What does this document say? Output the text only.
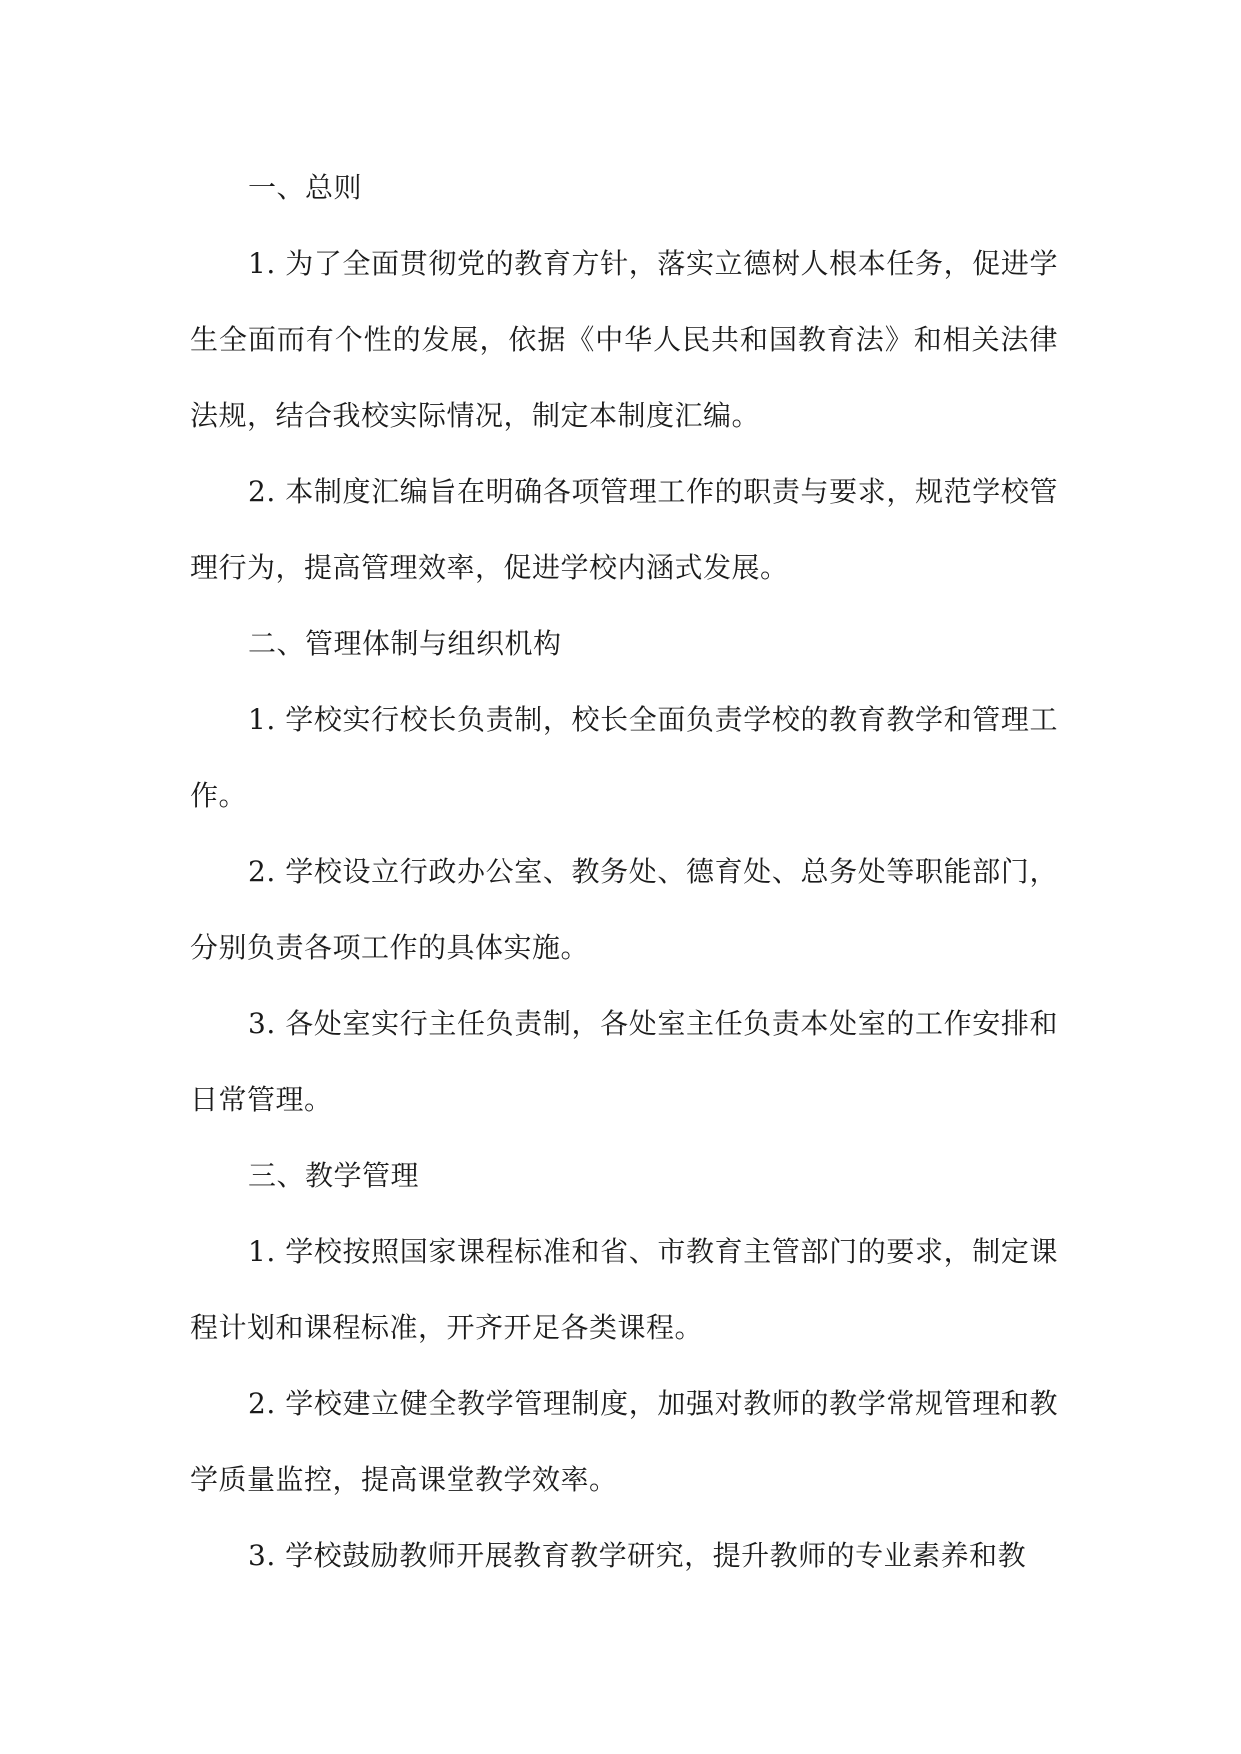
一、总则

1. 为了全面贯彻党的教育方针，落实立德树人根本任务，促进学生全面而有个性的发展，依据《中华人民共和国教育法》和相关法律法规，结合我校实际情况，制定本制度汇编。

2. 本制度汇编旨在明确各项管理工作的职责与要求，规范学校管理行为，提高管理效率，促进学校内涵式发展。

二、管理体制与组织机构

1. 学校实行校长负责制，校长全面负责学校的教育教学和管理工作。

2. 学校设立行政办公室、教务处、德育处、总务处等职能部门，分别负责各项工作的具体实施。

3. 各处室实行主任负责制，各处室主任负责本处室的工作安排和日常管理。

三、教学管理

1. 学校按照国家课程标准和省、市教育主管部门的要求，制定课程计划和课程标准，开齐开足各类课程。

2. 学校建立健全教学管理制度，加强对教师的教学常规管理和教学质量监控，提高课堂教学效率。

3. 学校鼓励教师开展教育教学研究，提升教师的专业素养和教
